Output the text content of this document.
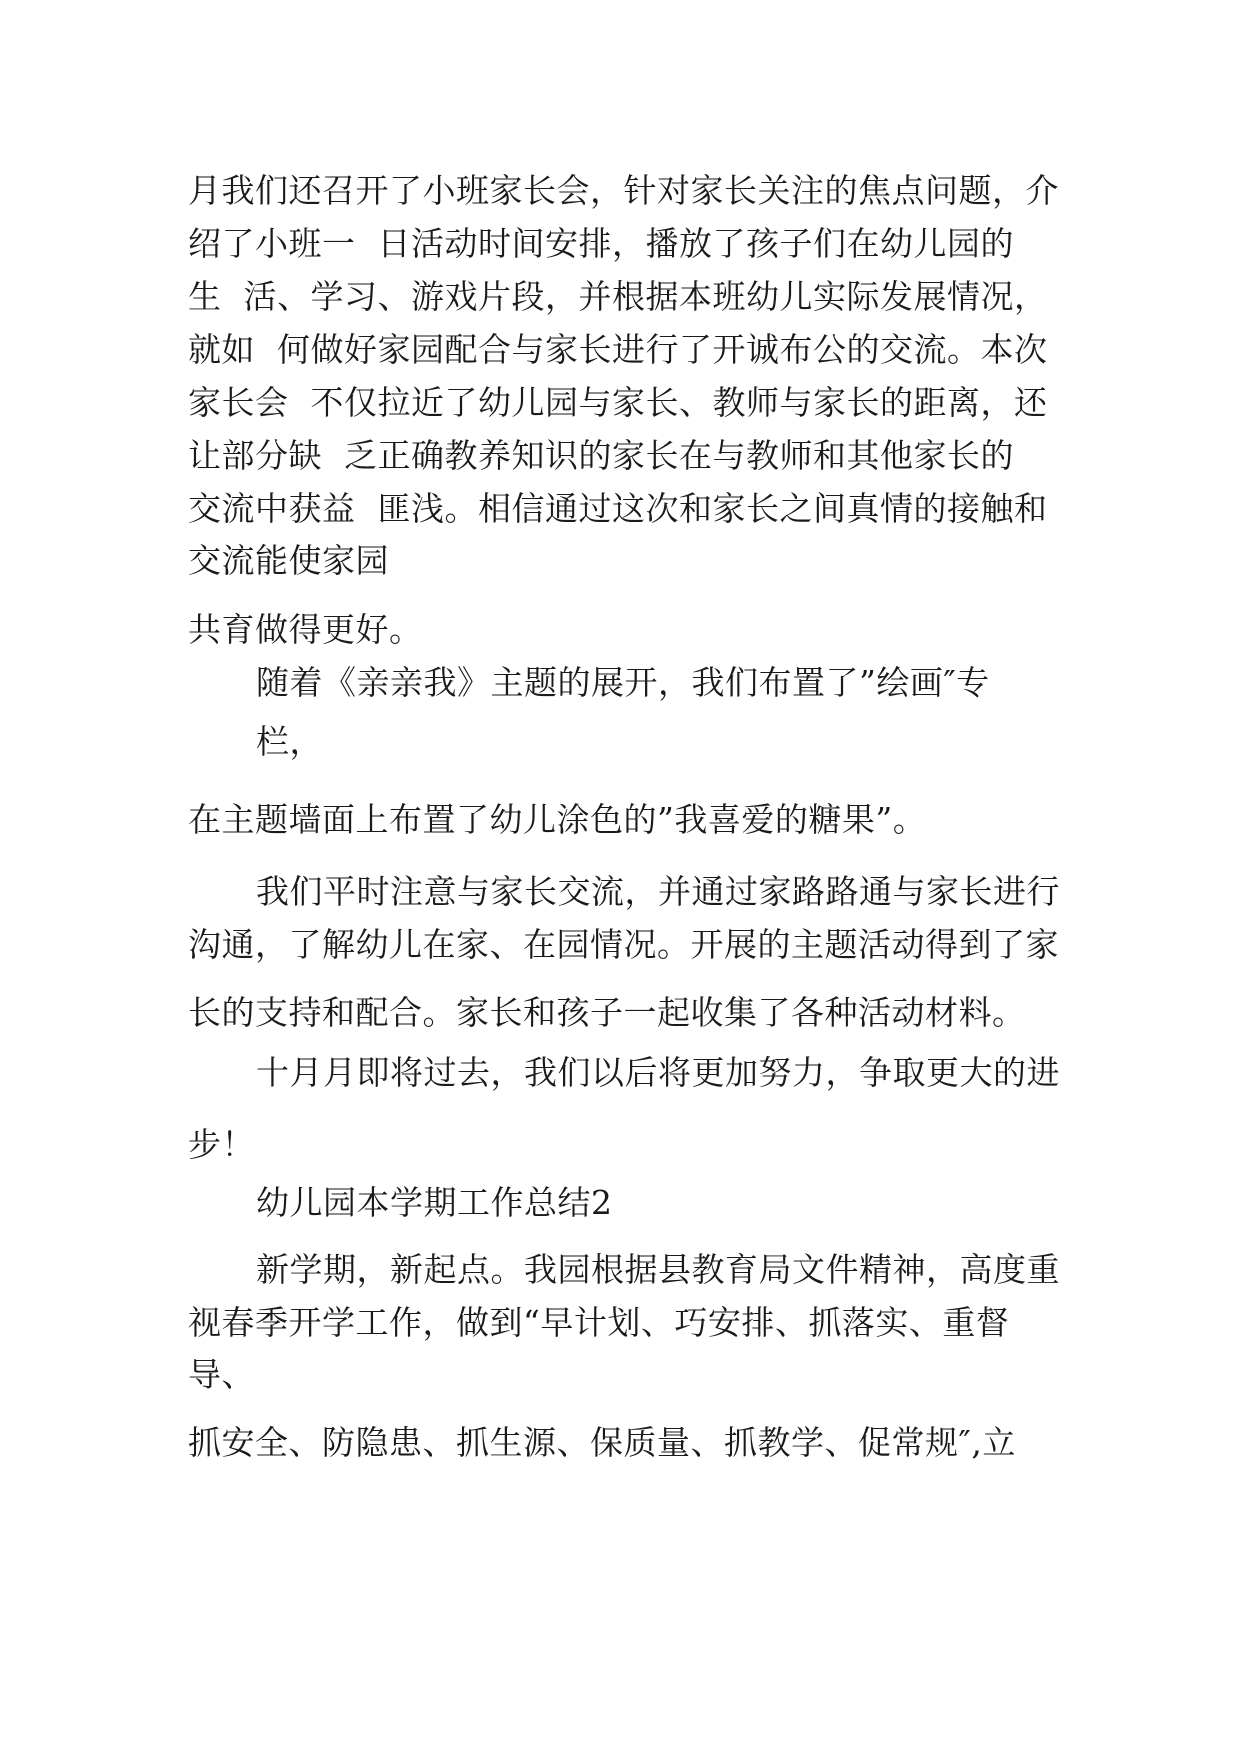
月我们还召开了小班家长会，针对家长关注的焦点问题，介
绍了小班一  日活动时间安排，播放了孩子们在幼儿园的
生  活、学习、游戏片段，并根据本班幼儿实际发展情况，
就如  何做好家园配合与家长进行了开诚布公的交流。本次
家长会  不仅拉近了幼儿园与家长、教师与家长的距离，还
让部分缺  乏正确教养知识的家长在与教师和其他家长的
交流中获益  匪浅。相信通过这次和家长之间真情的接触和
交流能使家园
共育做得更好。
随着《亲亲我》主题的展开，我们布置了”绘画″专
栏，
在主题墙面上布置了幼儿涂色的”我喜爱的糖果”。
我们平时注意与家长交流，并通过家路路通与家长进行
沟通，了解幼儿在家、在园情况。开展的主题活动得到了家
长的支持和配合。家长和孩子一起收集了各种活动材料。
十月月即将过去，我们以后将更加努力，争取更大的进
步！
幼儿园本学期工作总结2
新学期，新起点。我园根据县教育局文件精神，高度重
视春季开学工作，做到“早计划、巧安排、抓落实、重督
导、
抓安全、防隐患、抓生源、保质量、抓教学、促常规″,立
